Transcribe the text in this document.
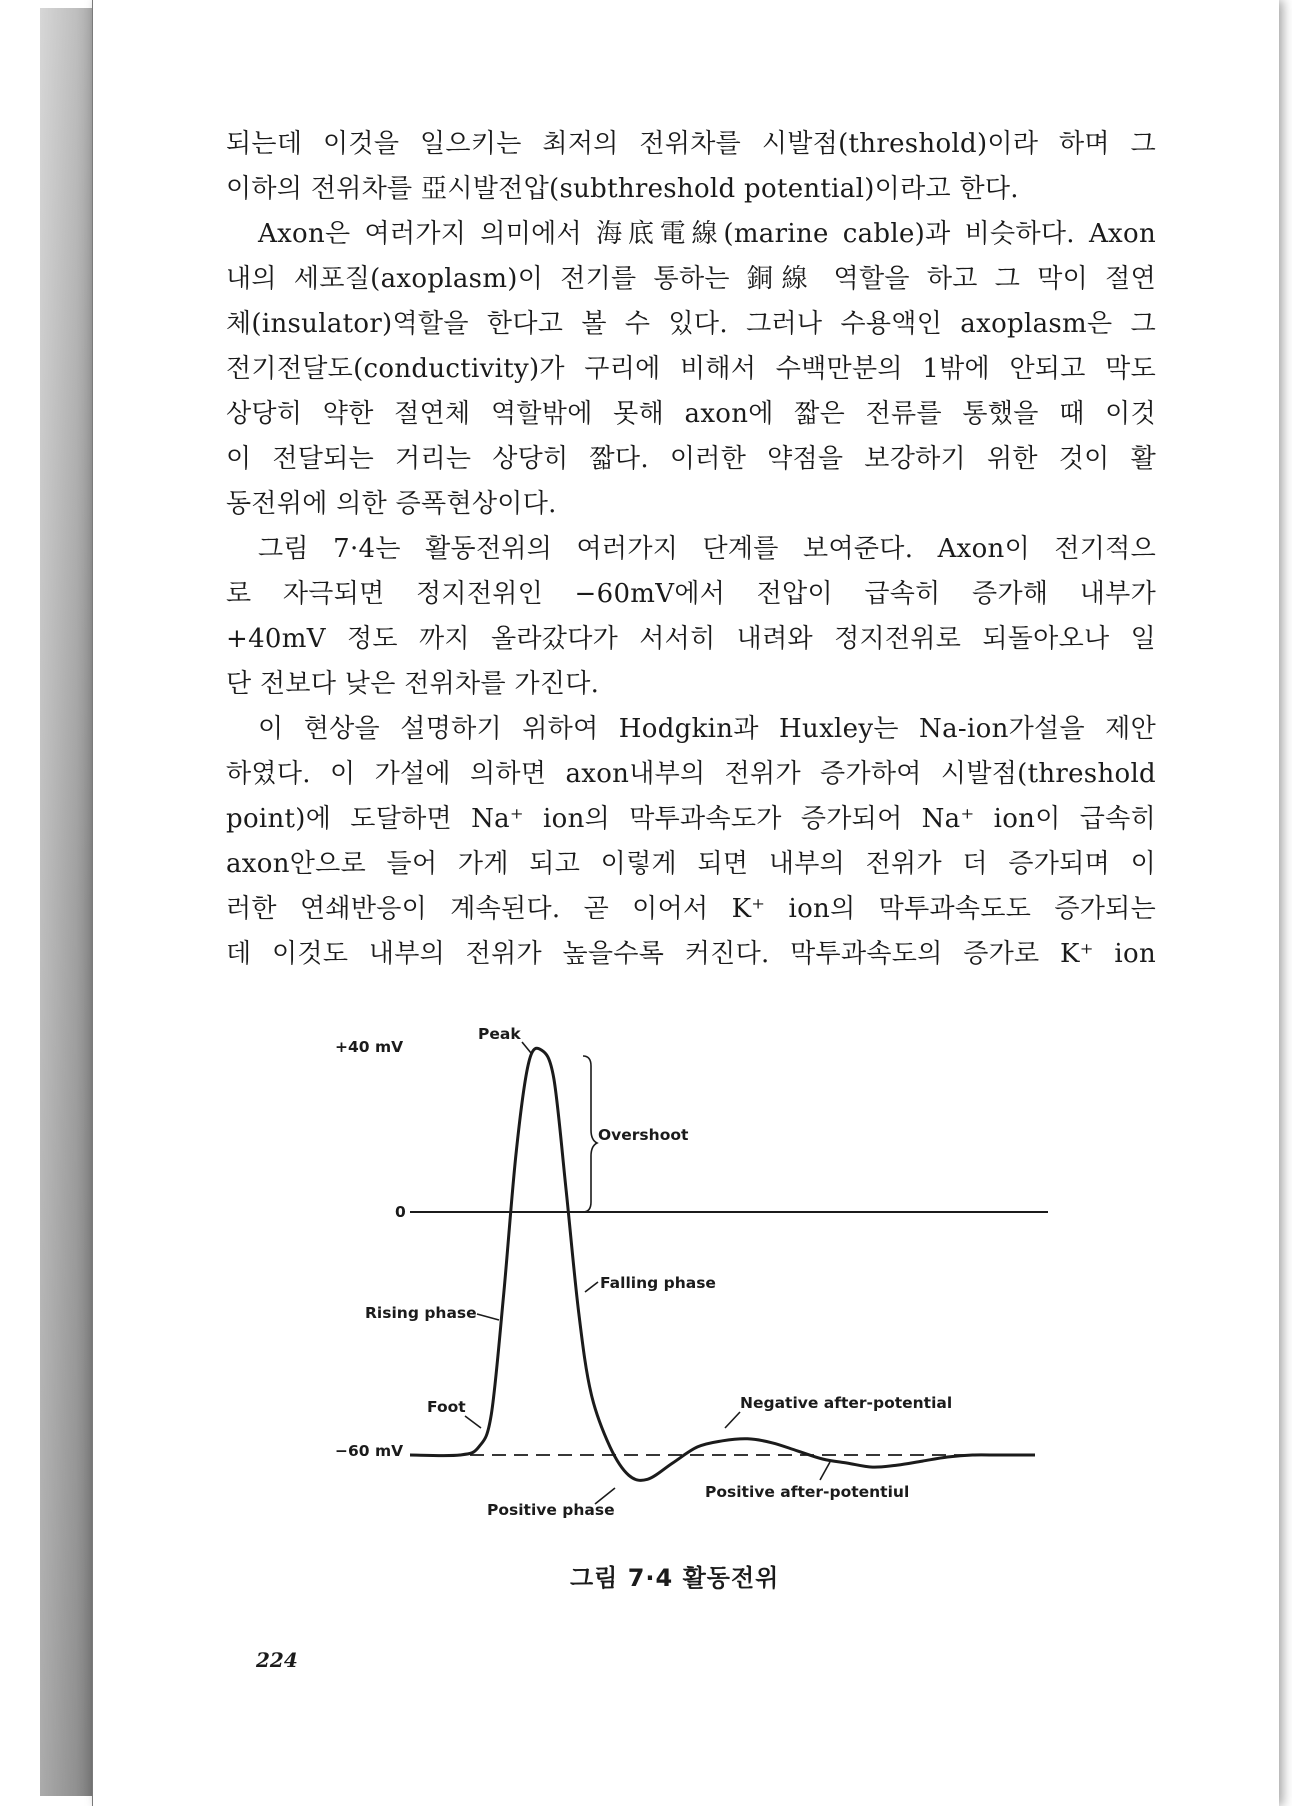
되는데 이것을 일으키는 최저의 전위차를 시발점(threshold)이라 하며 그
이하의 전위차를 亞시발전압(subthreshold potential)이라고 한다.
Axon은 여러가지 의미에서 海底電線(marine cable)과 비슷하다. Axon
내의 세포질(axoplasm)이 전기를 통하는 銅線 역할을 하고 그 막이 절연
체(insulator)역할을 한다고 볼 수 있다. 그러나 수용액인 axoplasm은 그
전기전달도(conductivity)가 구리에 비해서 수백만분의 1밖에 안되고 막도
상당히 약한 절연체 역할밖에 못해 axon에 짧은 전류를 통했을 때 이것
이 전달되는 거리는 상당히 짧다. 이러한 약점을 보강하기 위한 것이 활
동전위에 의한 증폭현상이다.
그림 7·4는 활동전위의 여러가지 단계를 보여준다. Axon이 전기적으
로 자극되면 정지전위인 −60mV에서 전압이 급속히 증가해 내부가
+40mV 정도 까지 올라갔다가 서서히 내려와 정지전위로 되돌아오나 일
단 전보다 낮은 전위차를 가진다.
이 현상을 설명하기 위하여 Hodgkin과 Huxley는 Na-ion가설을 제안
하였다. 이 가설에 의하면 axon내부의 전위가 증가하여 시발점(threshold
point)에 도달하면 Na⁺ ion의 막투과속도가 증가되어 Na⁺ ion이 급속히
axon안으로 들어 가게 되고 이렇게 되면 내부의 전위가 더 증가되며 이
러한 연쇄반응이 계속된다. 곧 이어서 K⁺ ion의 막투과속도도 증가되는
데 이것도 내부의 전위가 높을수록 커진다. 막투과속도의 증가로 K⁺ ion
+40 mV
0
−60 mV
Peak
Overshoot
Rising phase
Falling phase
Foot	Negative after-potential
Positive after-potentiul
Positive phase
그림 7·4 활동전위
224
